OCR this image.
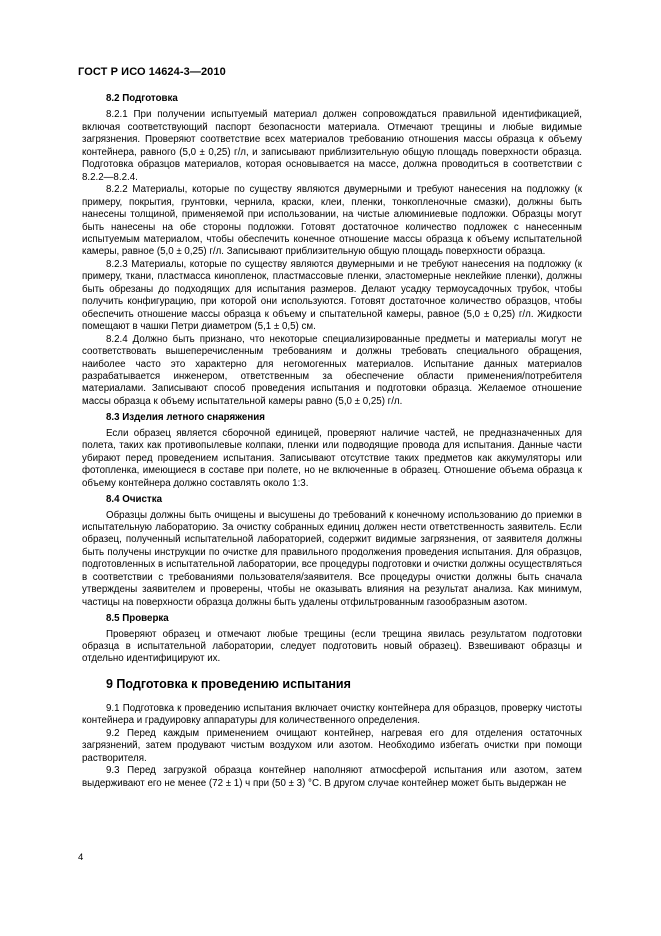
ГОСТ Р ИСО 14624-3—2010
8.2 Подготовка

8.2.1 При получении испытуемый материал должен сопровождаться правильной идентификацией, включая соответствующий паспорт безопасности материала. Отмечают трещины и любые видимые загрязнения. Проверяют соответствие всех материалов требованию отношения массы образца к объему контейнера, равного (5,0 ± 0,25) г/л, и записывают приблизительную общую площадь поверхности образца. Подготовка образцов материалов, которая основывается на массе, должна проводиться в соответствии с 8.2.2—8.2.4.

8.2.2 Материалы, которые по существу являются двумерными и требуют нанесения на подложку (к примеру, покрытия, грунтовки, чернила, краски, клеи, пленки, тонкопленочные смазки), должны быть нанесены толщиной, применяемой при использовании, на чистые алюминиевые подложки. Образцы могут быть нанесены на обе стороны подложки. Готовят достаточное количество подложек с нанесенным испытуемым материалом, чтобы обеспечить конечное отношение массы образца к объему испытательной камеры, равное (5,0 ± 0,25) г/л. Записывают приблизительную общую площадь поверхности образца.

8.2.3 Материалы, которые по существу являются двумерными и не требуют нанесения на подложку (к примеру, ткани, пластмасса кинопленок, пластмассовые пленки, эластомерные неклейкие пленки), должны быть обрезаны до подходящих для испытания размеров. Делают усадку термоусадочных трубок, чтобы получить конфигурацию, при которой они используются. Готовят достаточное количество образцов, чтобы обеспечить отношение массы образца к объему и спытательной камеры, равное (5,0 ± 0,25) г/л. Жидкости помещают в чашки Петри диаметром (5,1 ± 0,5) см.

8.2.4 Должно быть признано, что некоторые специализированные предметы и материалы могут не соответствовать вышеперечисленным требованиям и должны требовать специального обращения, наиболее часто это характерно для негомогенных материалов. Испытание данных материалов разрабатывается инженером, ответственным за обеспечение области применения/потребителя материалами. Записывают способ проведения испытания и подготовки образца. Желаемое отношение массы образца к объему испытательной камеры равно (5,0 ± 0,25) г/л.

8.3 Изделия летного снаряжения

Если образец является сборочной единицей, проверяют наличие частей, не предназначенных для полета, таких как противопылевые колпаки, пленки или подводящие провода для испытания. Данные части убирают перед проведением испытания. Записывают отсутствие таких предметов как аккумуляторы или фотопленка, имеющиеся в составе при полете, но не включенные в образец. Отношение объема образца к объему контейнера должно составлять около 1:3.

8.4 Очистка

Образцы должны быть очищены и высушены до требований к конечному использованию до приемки в испытательную лабораторию. За очистку собранных единиц должен нести ответственность заявитель. Если образец, полученный испытательной лабораторией, содержит видимые загрязнения, от заявителя должны быть получены инструкции по очистке для правильного продолжения проведения испытания. Для образцов, подготовленных в испытательной лаборатории, все процедуры подготовки и очистки должны осуществляться в соответствии с требованиями пользователя/заявителя. Все процедуры очистки должны быть сначала утверждены заявителем и проверены, чтобы не оказывать влияния на результат анализа. Как минимум, частицы на поверхности образца должны быть удалены отфильтрованным газообразным азотом.

8.5 Проверка

Проверяют образец и отмечают любые трещины (если трещина явилась результатом подготовки образца в испытательной лаборатории, следует подготовить новый образец). Взвешивают образцы и отдельно идентифицируют их.

9 Подготовка к проведению испытания

9.1 Подготовка к проведению испытания включает очистку контейнера для образцов, проверку чистоты контейнера и градуировку аппаратуры для количественного определения.

9.2 Перед каждым применением очищают контейнер, нагревая его для отделения остаточных загрязнений, затем продувают чистым воздухом или азотом. Необходимо избегать очистки при помощи растворителя.

9.3 Перед загрузкой образца контейнер наполняют атмосферой испытания или азотом, затем выдерживают его не менее (72 ± 1) ч при (50 ± 3) °С. В другом случае контейнер может быть выдержан не

4
